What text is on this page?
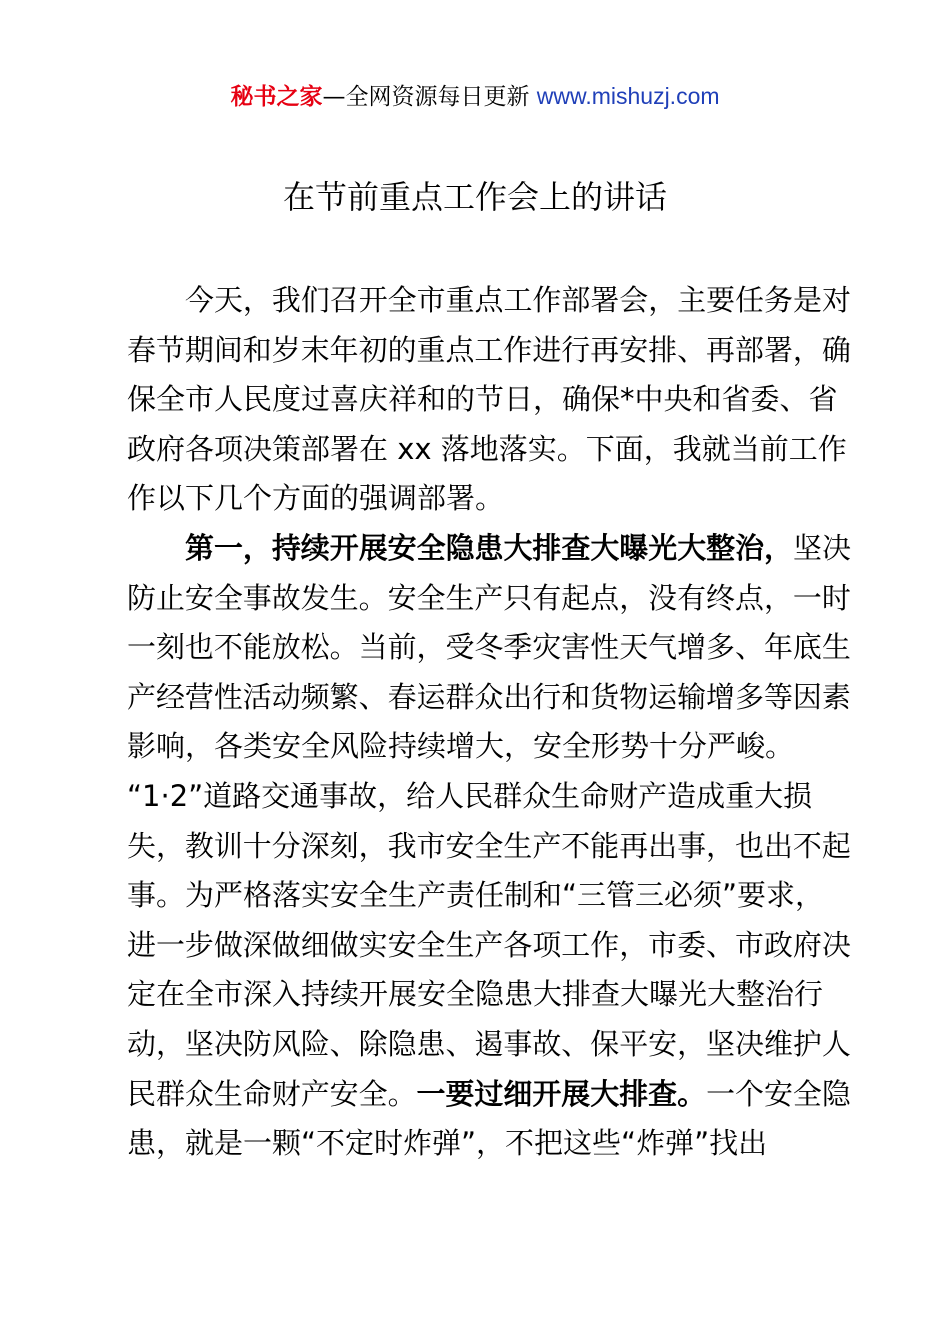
秘书之家—全网资源每日更新 www.mishuzj.com
在节前重点工作会上的讲话
今天，我们召开全市重点工作部署会，主要任务是对
春节期间和岁末年初的重点工作进行再安排、再部署，确
保全市人民度过喜庆祥和的节日，确保*中央和省委、省
政府各项决策部署在 xx 落地落实。下面，我就当前工作
作以下几个方面的强调部署。
第一，持续开展安全隐患大排查大曝光大整治，坚决
防止安全事故发生。安全生产只有起点，没有终点，一时
一刻也不能放松。当前，受冬季灾害性天气增多、年底生
产经营性活动频繁、春运群众出行和货物运输增多等因素
影响，各类安全风险持续增大，安全形势十分严峻。
“1·2”道路交通事故，给人民群众生命财产造成重大损
失，教训十分深刻，我市安全生产不能再出事，也出不起
事。为严格落实安全生产责任制和“三管三必须”要求，
进一步做深做细做实安全生产各项工作，市委、市政府决
定在全市深入持续开展安全隐患大排查大曝光大整治行
动，坚决防风险、除隐患、遏事故、保平安，坚决维护人
民群众生命财产安全。一要过细开展大排查。一个安全隐
患，就是一颗“不定时炸弹”，不把这些“炸弹”找出
